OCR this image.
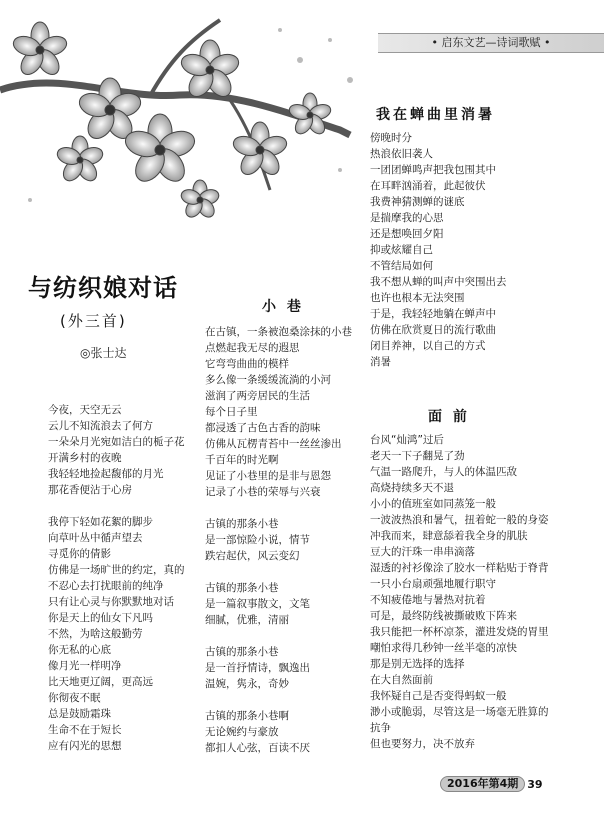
• 启东文艺—诗词歌赋 •
与纺织娘对话
(外三首)
◎张士达
今夜，天空无云
云儿不知流浪去了何方
一朵朵月光宛如洁白的栀子花
开满乡村的夜晚
我轻轻地捡起馥郁的月光
那花香便沾于心房
我停下轻如花絮的脚步
向草叶丛中循声望去
寻觅你的倩影
仿佛是一场旷世的约定，真的
不忍心去打扰眼前的纯净
只有让心灵与你默默地对话
你是天上的仙女下凡吗
不然，为啥这般勤劳
你无私的心底
像月光一样明净
比天地更辽阔，更高远
你彻夜不眠
总是鼓励霜珠
生命不在于短长
应有闪光的思想
小 巷
在古镇，一条被泡桑涂抹的小巷
点燃起我无尽的遐思
它弯弯曲曲的模样
多么像一条缓缓流淌的小河
滋润了两旁居民的生活
每个日子里
都浸透了古色古香的韵味
仿佛从瓦楞青苔中一丝丝渗出
千百年的时光啊
见证了小巷里的是非与恩怨
记录了小巷的荣辱与兴衰
古镇的那条小巷
是一部惊险小说，情节
跌宕起伏，风云变幻
古镇的那条小巷
是一篇叙事散文，文笔
细腻，优雅，清丽
古镇的那条小巷
是一首抒情诗，飘逸出
温婉，隽永，奇妙
古镇的那条小巷啊
无论婉约与豪放
都扣人心弦，百读不厌
我在蝉曲里消暑
傍晚时分
热浪依旧袭人
一团团蝉鸣声把我包围其中
在耳畔汹涌着，此起彼伏
我费神猜测蝉的谜底
是揣摩我的心思
还是想唤回夕阳
抑或炫耀自己
不管结局如何
我不想从蝉的叫声中突围出去
也许也根本无法突围
于是，我轻轻地躺在蝉声中
仿佛在欣赏夏日的流行歌曲
闭目养神，以自己的方式
消暑
面 前
台风“灿鸿”过后
老天一下子翻晃了劲
气温一路爬升，与人的体温匹敌
高烧持续多天不退
小小的值班室如同蒸笼一般
一波波热浪和暑气，扭着蛇一般的身姿
冲我而来，肆意舔着我全身的肌肤
豆大的汗珠一串串滴落
湿透的衬衫像涂了胶水一样粘贴于脊背
一只小台扇顽强地履行职守
不知疲倦地与暑热对抗着
可是，最终防线被撕破败下阵来
我只能把一杯杯凉茶，灌进发烧的胃里
嘲怕求得几秒钟一丝半毫的凉快
那是别无选择的选择
在大自然面前
我怀疑自己是否变得蚂蚁一般
渺小或脆弱，尽管这是一场毫无胜算的
抗争
但也要努力，决不放弃
2016年第4期 39
